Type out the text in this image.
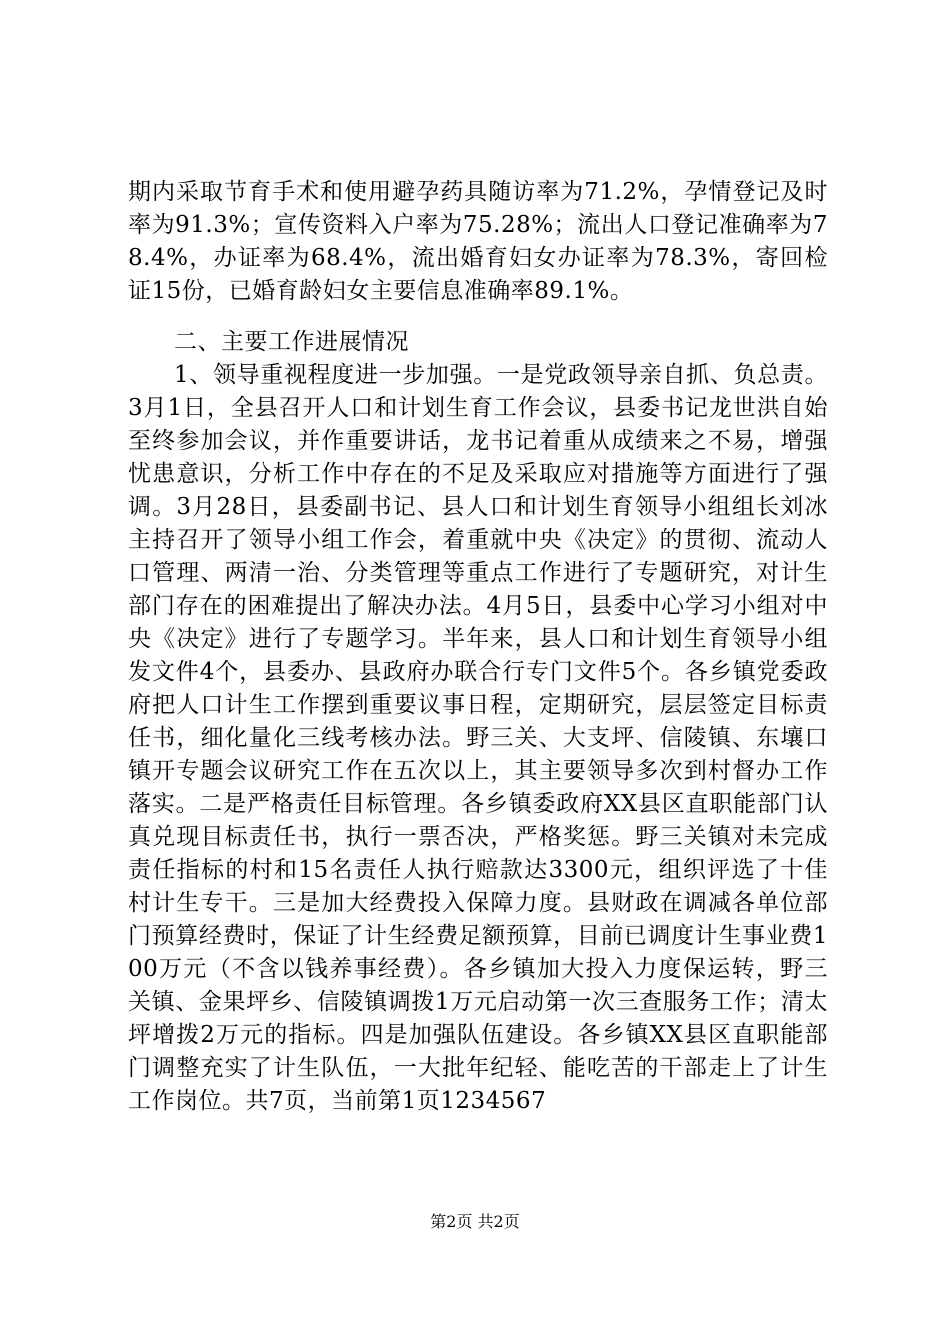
期内采取节育手术和使用避孕药具随访率为71.2%，孕情登记及时率为91.3%；宣传资料入户率为75.28%；流出人口登记准确率为78.4%，办证率为68.4%，流出婚育妇女办证率为78.3%，寄回检证15份，已婚育龄妇女主要信息准确率89.1%。

二、主要工作进展情况

1、领导重视程度进一步加强。一是党政领导亲自抓、负总责。3月1日，全县召开人口和计划生育工作会议，县委书记龙世洪自始至终参加会议，并作重要讲话，龙书记着重从成绩来之不易，增强忧患意识，分析工作中存在的不足及采取应对措施等方面进行了强调。3月28日，县委副书记、县人口和计划生育领导小组组长刘冰主持召开了领导小组工作会，着重就中央《决定》的贯彻、流动人口管理、两清一治、分类管理等重点工作进行了专题研究，对计生部门存在的困难提出了解决办法。4月5日，县委中心学习小组对中央《决定》进行了专题学习。半年来，县人口和计划生育领导小组发文件4个，县委办、县政府办联合行专门文件5个。各乡镇党委政府把人口计生工作摆到重要议事日程，定期研究，层层签定目标责任书，细化量化三线考核办法。野三关、大支坪、信陵镇、东壤口镇开专题会议研究工作在五次以上，其主要领导多次到村督办工作落实。二是严格责任目标管理。各乡镇委政府XX县区直职能部门认真兑现目标责任书，执行一票否决，严格奖惩。野三关镇对未完成责任指标的村和15名责任人执行赔款达3300元，组织评选了十佳村计生专干。三是加大经费投入保障力度。县财政在调减各单位部门预算经费时，保证了计生经费足额预算，目前已调度计生事业费100万元（不含以钱养事经费）。各乡镇加大投入力度保运转，野三关镇、金果坪乡、信陵镇调拨1万元启动第一次三查服务工作；清太坪增拨2万元的指标。四是加强队伍建设。各乡镇XX县区直职能部门调整充实了计生队伍，一大批年纪轻、能吃苦的干部走上了计生工作岗位。共7页，当前第1页1234567

第2页 共2页
